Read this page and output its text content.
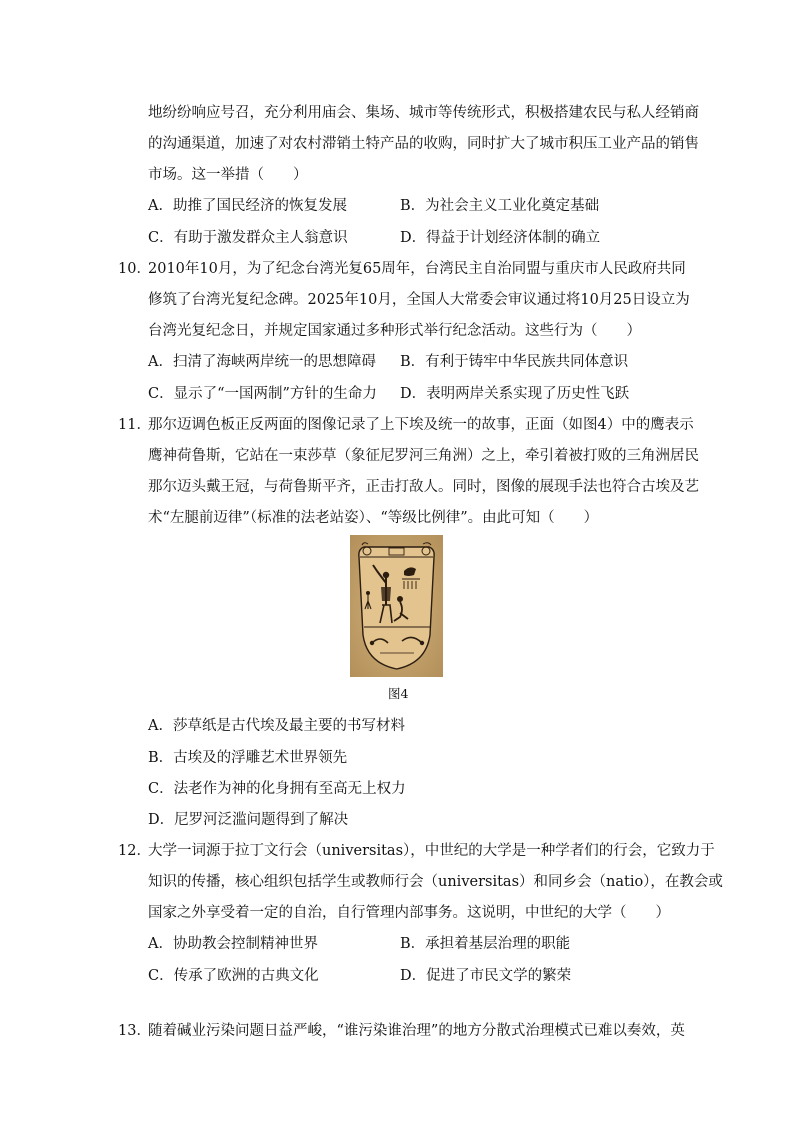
地纷纷响应号召，充分利用庙会、集场、城市等传统形式，积极搭建农民与私人经销商
的沟通渠道，加速了对农村滞销土特产品的收购，同时扩大了城市积压工业产品的销售
市场。这一举措（　　）
A．助推了国民经济的恢复发展	B．为社会主义工业化奠定基础
C．有助于激发群众主人翁意识	D．得益于计划经济体制的确立
10．
2010年10月，为了纪念台湾光复65周年，台湾民主自治同盟与重庆市人民政府共同
修筑了台湾光复纪念碑。2025年10月，全国人大常委会审议通过将10月25日设立为
台湾光复纪念日，并规定国家通过多种形式举行纪念活动。这些行为（　　）
A．扫清了海峡两岸统一的思想障碍 B．有利于铸牢中华民族共同体意识
C．显示了“一国两制”方针的生命力 D．表明两岸关系实现了历史性飞跃
11．
那尔迈调色板正反两面的图像记录了上下埃及统一的故事，正面（如图4）中的鹰表示
鹰神荷鲁斯，它站在一束莎草（象征尼罗河三角洲）之上，牵引着被打败的三角洲居民
那尔迈头戴王冠，与荷鲁斯平齐，正击打敌人。同时，图像的展现手法也符合古埃及艺
术“左腿前迈律”（标准的法老站姿）、“等级比例律”。由此可知（　　）
图4
A．莎草纸是古代埃及最主要的书写材料
B．古埃及的浮雕艺术世界领先
C．法老作为神的化身拥有至高无上权力
D．尼罗河泛滥问题得到了解决
12．
大学一词源于拉丁文行会（universitas），中世纪的大学是一种学者们的行会，它致力于
知识的传播，核心组织包括学生或教师行会（universitas）和同乡会（natio），在教会或
国家之外享受着一定的自治，自行管理内部事务。这说明，中世纪的大学（　　）
A．协助教会控制精神世界	B．承担着基层治理的职能
C．传承了欧洲的古典文化	D．促进了市民文学的繁荣
13．
随着碱业污染问题日益严峻，“谁污染谁治理”的地方分散式治理模式已难以奏效，英
